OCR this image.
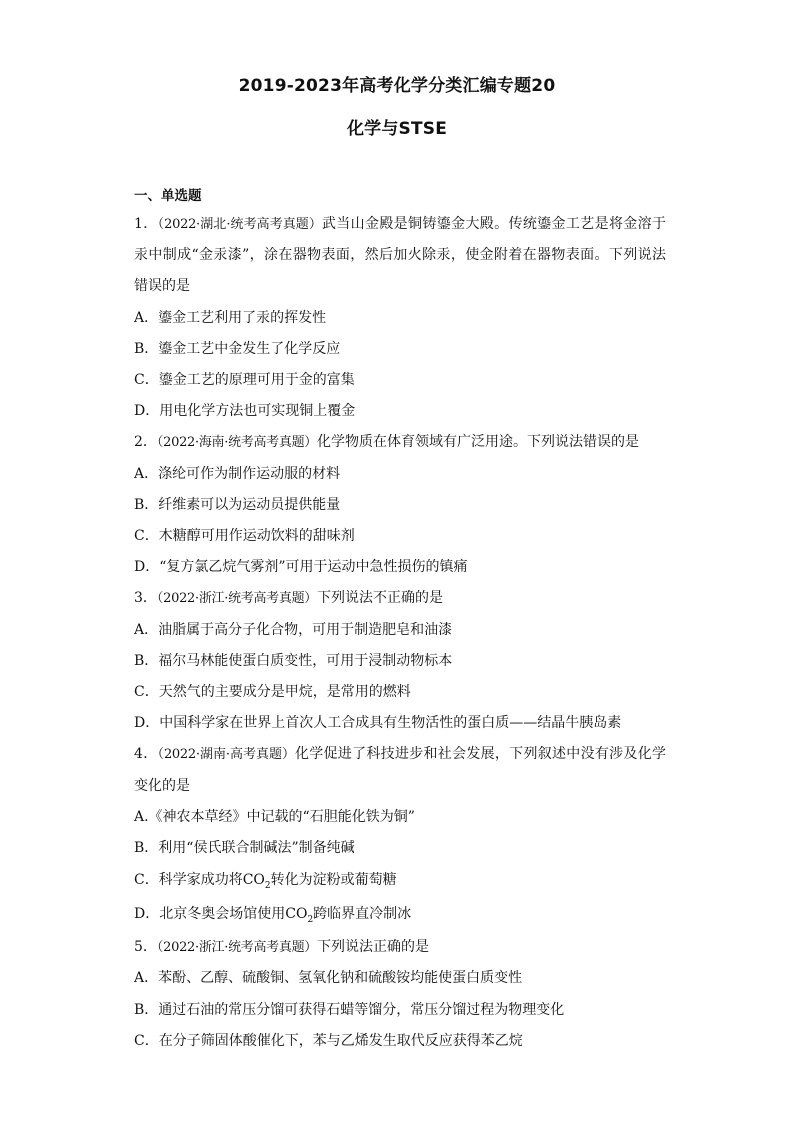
2019-2023年高考化学分类汇编专题20
化学与STSE
一、单选题

1．（2022·湖北·统考高考真题）武当山金殿是铜铸鎏金大殿。传统鎏金工艺是将金溶于汞中制成“金汞漆”，涂在器物表面，然后加火除汞，使金附着在器物表面。下列说法错误的是

A．鎏金工艺利用了汞的挥发性

B．鎏金工艺中金发生了化学反应

C．鎏金工艺的原理可用于金的富集

D．用电化学方法也可实现铜上覆金

2．（2022·海南·统考高考真题）化学物质在体育领域有广泛用途。下列说法错误的是

A．涤纶可作为制作运动服的材料

B．纤维素可以为运动员提供能量

C．木糖醇可用作运动饮料的甜味剂

D．“复方氯乙烷气雾剂”可用于运动中急性损伤的镇痛

3．（2022·浙江·统考高考真题）下列说法不正确的是

A．油脂属于高分子化合物，可用于制造肥皂和油漆

B．福尔马林能使蛋白质变性，可用于浸制动物标本

C．天然气的主要成分是甲烷，是常用的燃料

D．中国科学家在世界上首次人工合成具有生物活性的蛋白质——结晶牛胰岛素

4．（2022·湖南·高考真题）化学促进了科技进步和社会发展，下列叙述中没有涉及化学变化的是

A.《神农本草经》中记载的“石胆能化铁为铜”

B．利用“侯氏联合制碱法”制备纯碱

C．科学家成功将$CO_2$转化为淀粉或葡萄糖

D．北京冬奥会场馆使用$CO_2$跨临界直冷制冰

5．（2022·浙江·统考高考真题）下列说法正确的是

A．苯酚、乙醇、硫酸铜、氢氧化钠和硫酸铵均能使蛋白质变性

B．通过石油的常压分馏可获得石蜡等馏分，常压分馏过程为物理变化

C．在分子筛固体酸催化下，苯与乙烯发生取代反应获得苯乙烷
